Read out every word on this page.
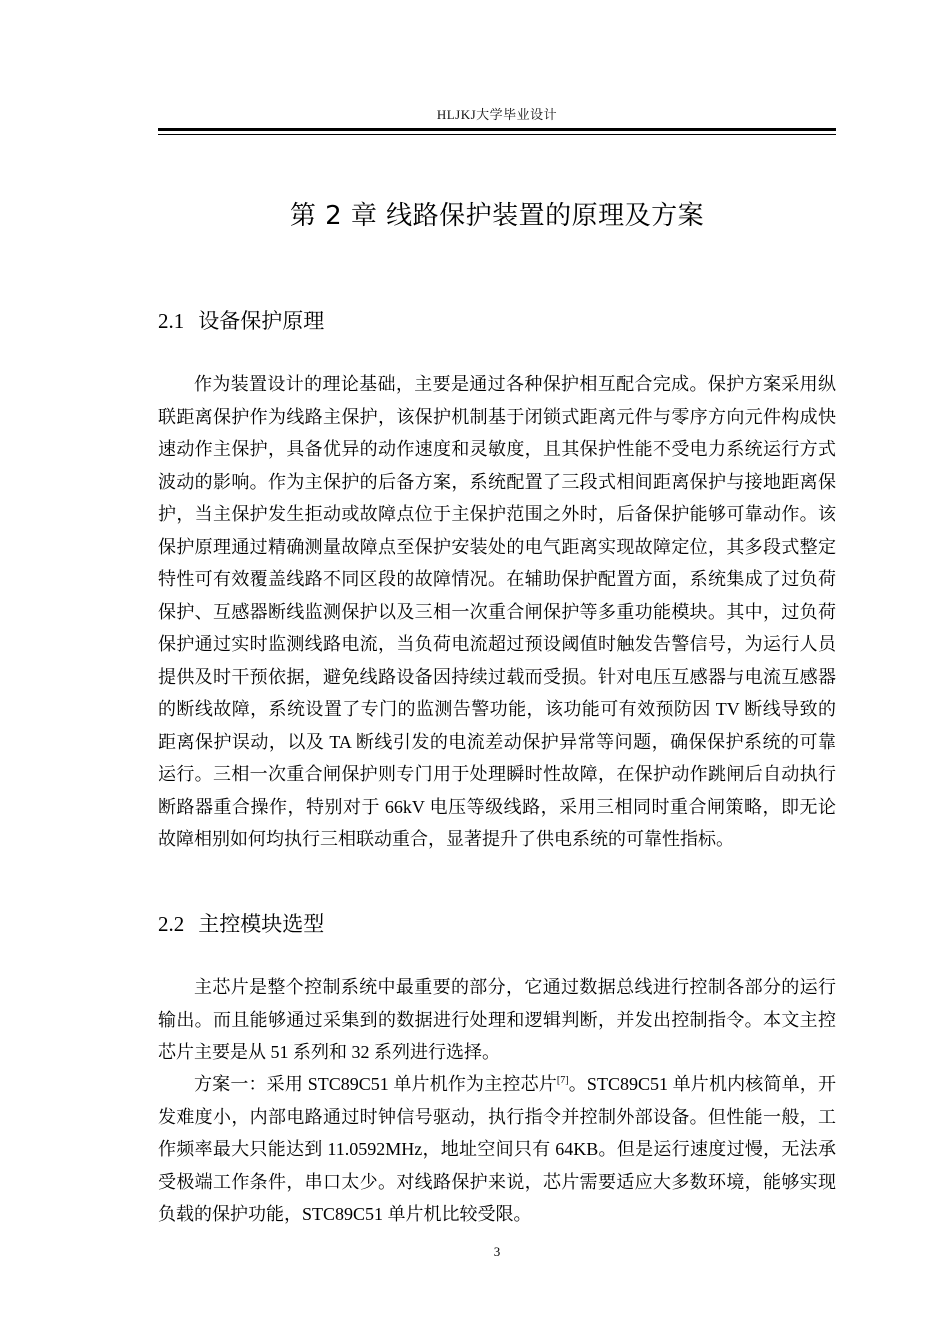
HLJKJ大学毕业设计
第 2 章 线路保护装置的原理及方案
2.1 设备保护原理

作为装置设计的理论基础，主要是通过各种保护相互配合完成。保护方案采用纵联距离保护作为线路主保护，该保护机制基于闭锁式距离元件与零序方向元件构成快速动作主保护，具备优异的动作速度和灵敏度，且其保护性能不受电力系统运行方式波动的影响。作为主保护的后备方案，系统配置了三段式相间距离保护与接地距离保护，当主保护发生拒动或故障点位于主保护范围之外时，后备保护能够可靠动作。该保护原理通过精确测量故障点至保护安装处的电气距离实现故障定位，其多段式整定特性可有效覆盖线路不同区段的故障情况。在辅助保护配置方面，系统集成了过负荷保护、互感器断线监测保护以及三相一次重合闸保护等多重功能模块。其中，过负荷保护通过实时监测线路电流，当负荷电流超过预设阈值时触发告警信号，为运行人员提供及时干预依据，避免线路设备因持续过载而受损。针对电压互感器与电流互感器的断线故障，系统设置了专门的监测告警功能，该功能可有效预防因 TV 断线导致的距离保护误动，以及 TA 断线引发的电流差动保护异常等问题，确保保护系统的可靠运行。三相一次重合闸保护则专门用于处理瞬时性故障，在保护动作跳闸后自动执行断路器重合操作，特别对于 66kV 电压等级线路，采用三相同时重合闸策略，即无论故障相别如何均执行三相联动重合，显著提升了供电系统的可靠性指标。

2.2 主控模块选型

主芯片是整个控制系统中最重要的部分，它通过数据总线进行控制各部分的运行输出。而且能够通过采集到的数据进行处理和逻辑判断，并发出控制指令。本文主控芯片主要是从 51 系列和 32 系列进行选择。

方案一：采用 STC89C51 单片机作为主控芯片[7]。STC89C51 单片机内核简单，开发难度小，内部电路通过时钟信号驱动，执行指令并控制外部设备。但性能一般，工作频率最大只能达到 11.0592MHz，地址空间只有 64KB。但是运行速度过慢，无法承受极端工作条件，串口太少。对线路保护来说，芯片需要适应大多数环境，能够实现负载的保护功能，STC89C51 单片机比较受限。

3
